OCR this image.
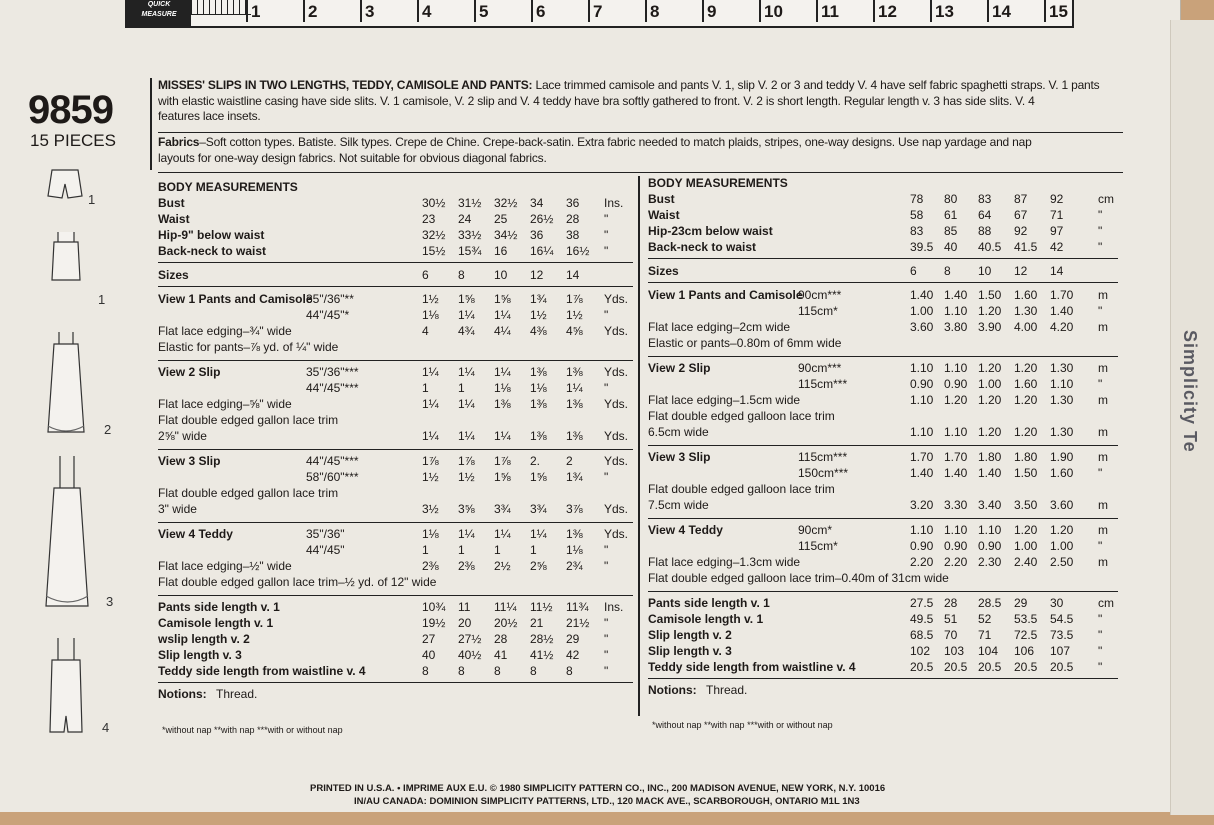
QUICK
MEASURE	1	2	3	4	5	6	7	8	9	10 11 12 13 14 15
9859
15 PIECES
1
1
2
3
4
MISSES' SLIPS IN TWO LENGTHS, TEDDY, CAMISOLE AND PANTS: Lace trimmed camisole and pants V. 1, slip V. 2 or 3 and teddy V. 4 have self fabric spaghetti straps. V. 1 pants
with elastic waistline casing have side slits. V. 1 camisole, V. 2 slip and V. 4 teddy have bra softly gathered to front. V. 2 is short length. Regular length v. 3 has side slits. V. 4
features lace insets.
Fabrics–Soft cotton types. Batiste. Silk types. Crepe de Chine. Crepe-back-satin. Extra fabric needed to match plaids, stripes, one-way designs. Use nap yardage and nap
layouts for one-way design fabrics. Not suitable for obvious diagonal fabrics.
BODY MEASUREMENTS
Bust	30½ 31½ 32½ 34 36 Ins.
Waist	23 24 25 26½ 28 "
Hip-9" below waist	32½ 33½ 34½ 36 38 "
Back-neck to waist	15½ 15¾ 16 16¼ 16½ "
Sizes	6 8 10 12 14
View 1 Pants and Camisole
35"/36"**	1½ 1⅝ 1⅝ 1¾ 1⅞ Yds.
44"/45"*	1⅛ 1¼ 1¼ 1½ 1½ "
Flat lace edging–¾" wide	4 4¾ 4¼ 4⅜ 4⅝ Yds.
Elastic for pants–⅞ yd. of ¼" wide
View 2 Slip	35"/36"***	1¼ 1¼ 1¼ 1⅜ 1⅜ Yds.
44"/45"***	1 1 1⅛ 1⅛ 1¼ "
Flat lace edging–⅝" wide	1¼ 1¼ 1⅜ 1⅜ 1⅜ Yds.
Flat double edged gallon lace trim
2⅝" wide	1¼ 1¼ 1¼ 1⅜ 1⅜ Yds.
View 3 Slip	44"/45"***	1⅞ 1⅞ 1⅞ 2. 2	Yds.
58"/60"***	1½ 1½ 1⅝ 1⅝ 1¾ "
Flat double edged gallon lace trim
3" wide	3½ 3⅝ 3¾ 3¾ 3⅞ Yds.
View 4 Teddy	35"/36"	1⅛ 1¼ 1¼ 1¼ 1⅜ Yds.
44"/45"	1 1 1 1 1⅛ "
Flat lace edging–½" wide	2⅜ 2⅜ 2½ 2⅝ 2¾ "
Flat double edged gallon lace trim–½ yd. of 12" wide
Pants side length v. 1	10¾ 11 11¼ 11½ 11¾ Ins.
Camisole length v. 1	19½ 20 20½ 21 21½ "
wslip length v. 2	27 27½ 28 28½ 29 "
Slip length v. 3	40 40½ 41 41½ 42 "
Teddy side length from waistline v. 4	8 8 8 8 8	"
Notions: Thread.
BODY MEASUREMENTS
Bust	78 80 83 87 92	cm
Waist	58 61 64 67 71	"
Hip-23cm below waist	83 85 88 92 97	"
Back-neck to waist	39.5 40 40.5 41.5 42	"
Sizes	6 8 10 12 14
View 1 Pants and Camisole
90cm***	1.40 1.40 1.50 1.60 1.70 m
115cm*	1.00 1.10 1.20 1.30 1.40 "
Flat lace edging–2cm wide	3.60 3.80 3.90 4.00 4.20 m
Elastic or pants–0.80m of 6mm wide
View 2 Slip	90cm***	1.10 1.10 1.20 1.20 1.30 m
115cm***	0.90 0.90 1.00 1.60 1.10 "
Flat lace edging–1.5cm wide	1.10 1.20 1.20 1.20 1.30 m
Flat double edged galloon lace trim
6.5cm wide	1.10 1.10 1.20 1.20 1.30 m
View 3 Slip	115cm***	1.70 1.70 1.80 1.80 1.90 m
150cm***	1.40 1.40 1.40 1.50 1.60 "
Flat double edged galloon lace trim
7.5cm wide	3.20 3.30 3.40 3.50 3.60 m
View 4 Teddy	90cm*	1.10 1.10 1.10 1.20 1.20 m
115cm*	0.90 0.90 0.90 1.00 1.00 "
Flat lace edging–1.3cm wide	2.20 2.20 2.30 2.40 2.50 m
Flat double edged galloon lace trim–0.40m of 31cm wide
Pants side length v. 1	27.5 28 28.5 29 30	cm
Camisole length v. 1	49.5 51 52 53.5 54.5 "
Slip length v. 2	68.5 70 71 72.5 73.5 "
Slip length v. 3	102 103 104 106 107 "
Teddy side length from waistline v. 4	20.5 20.5 20.5 20.5 20.5 "
Notions: Thread.
*without nap **with nap ***with or without nap	*without nap **with nap ***with or without nap
PRINTED IN U.S.A. • IMPRIME AUX E.U. © 1980 SIMPLICITY PATTERN CO., INC., 200 MADISON AVENUE, NEW YORK, N.Y. 10016
IN/AU CANADA: DOMINION SIMPLICITY PATTERNS, LTD., 120 MACK AVE., SCARBOROUGH, ONTARIO M1L 1N3
Simplicity Te
